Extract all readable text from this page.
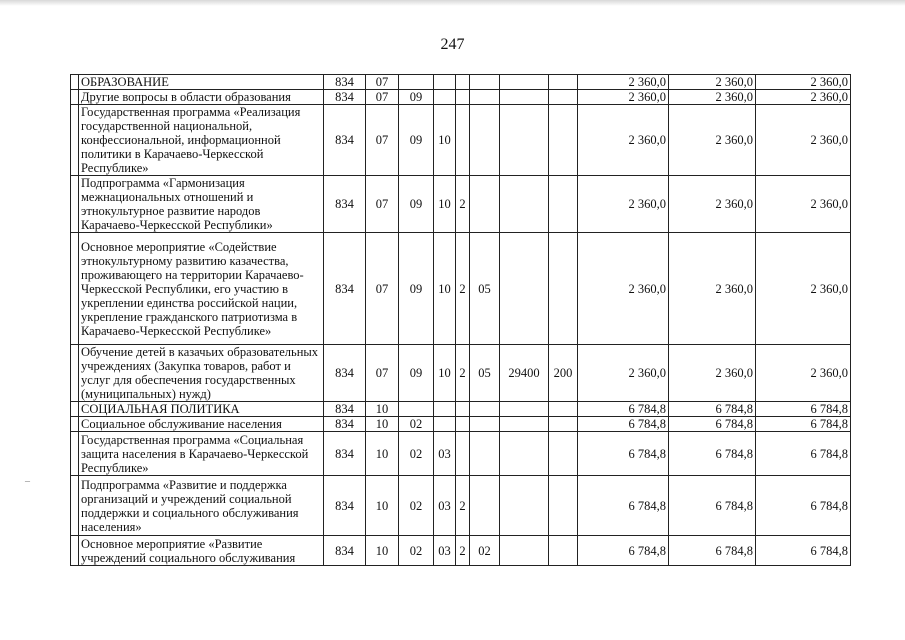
247
	ОБРАЗОВАНИЕ	834	07							2 360,0	2 360,0	2 360,0
	Другие вопросы в области образования	834	07	09						2 360,0	2 360,0	2 360,0
	Государственная программа «Реализация государственной национальной, конфессиональной, информационной политики в Карачаево-Черкесской Республике»	834	07	09	10					2 360,0	2 360,0	2 360,0
	Подпрограмма «Гармонизация межнациональных отношений и этнокультурное развитие народов Карачаево-Черкесской Республики»	834	07	09	10	2				2 360,0	2 360,0	2 360,0
	Основное мероприятие «Содействие этнокультурному развитию казачества, проживающего на территории Карачаево-Черкесской Республики, его участию в укреплении единства российской нации, укрепление гражданского патриотизма в Карачаево-Черкесской Республике»	834	07	09	10	2	05			2 360,0	2 360,0	2 360,0
	Обучение детей в казачьих образовательных учреждениях (Закупка товаров, работ и услуг для обеспечения государственных (муниципальных) нужд)	834	07	09	10	2	05	29400	200	2 360,0	2 360,0	2 360,0
	СОЦИАЛЬНАЯ ПОЛИТИКА	834	10							6 784,8	6 784,8	6 784,8
	Социальное обслуживание населения	834	10	02						6 784,8	6 784,8	6 784,8
	Государственная программа «Социальная защита населения в Карачаево-Черкесской Республике»	834	10	02	03					6 784,8	6 784,8	6 784,8
	Подпрограмма «Развитие и поддержка организаций и учреждений социальной поддержки и социального обслуживания населения»	834	10	02	03	2				6 784,8	6 784,8	6 784,8
	Основное мероприятие «Развитие учреждений социального обслуживания	834	10	02	03	2	02			6 784,8	6 784,8	6 784,8
–
